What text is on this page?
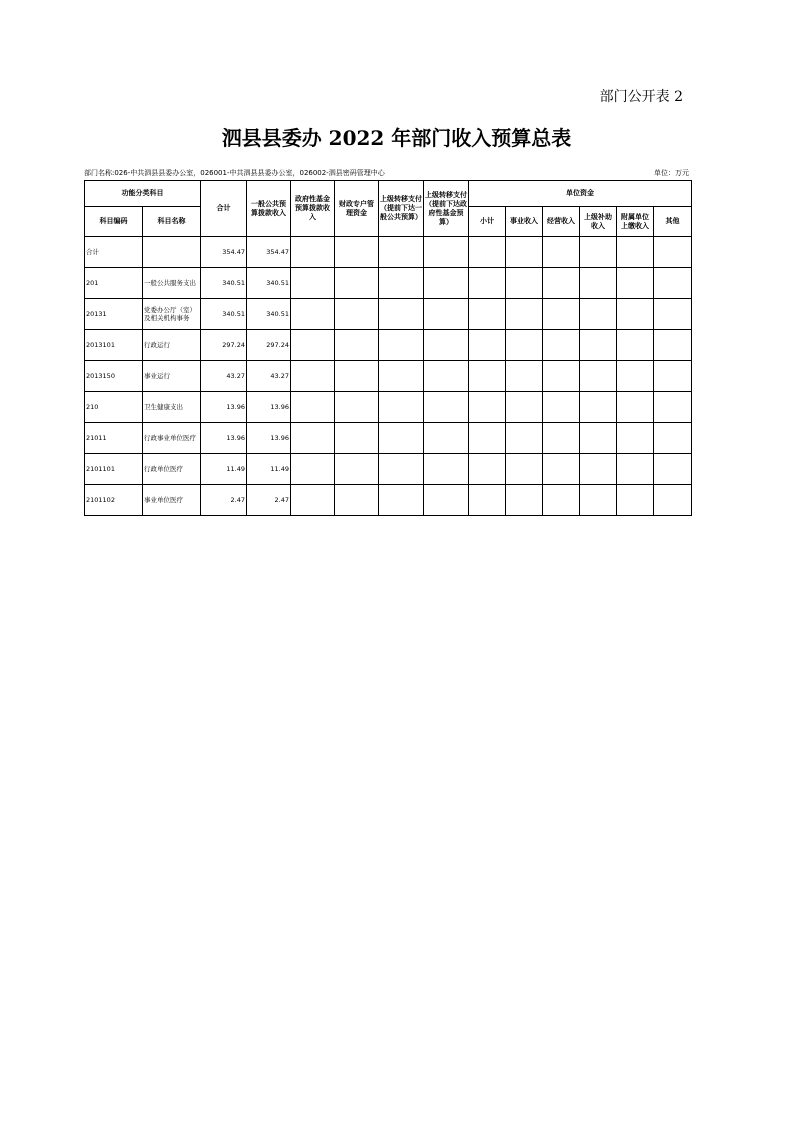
部门公开表 2
泗县县委办 2022 年部门收入预算总表
部门名称:026-中共泗县县委办公室，026001-中共泗县县委办公室，026002-泗县密码管理中心	单位：万元
功能分类科目		合计	一般公共预算拨款收入	政府性基金预算拨款收入	财政专户管理资金	上级转移支付（提前下达一般公共预算）	上级转移支付（提前下达政府性基金预算）	单位资金					
科目编码	科目名称							小计	事业收入	经营收入	上级补助收入	附属单位上缴收入	其他
合计		354.47	354.47										
201	一般公共服务支出	340.51	340.51										
20131	党委办公厅（室）及相关机构事务	340.51	340.51										
2013101	行政运行	297.24	297.24										
2013150	事业运行	43.27	43.27										
210	卫生健康支出	13.96	13.96										
21011	行政事业单位医疗	13.96	13.96										
2101101	行政单位医疗	11.49	11.49										
2101102	事业单位医疗	2.47	2.47										
